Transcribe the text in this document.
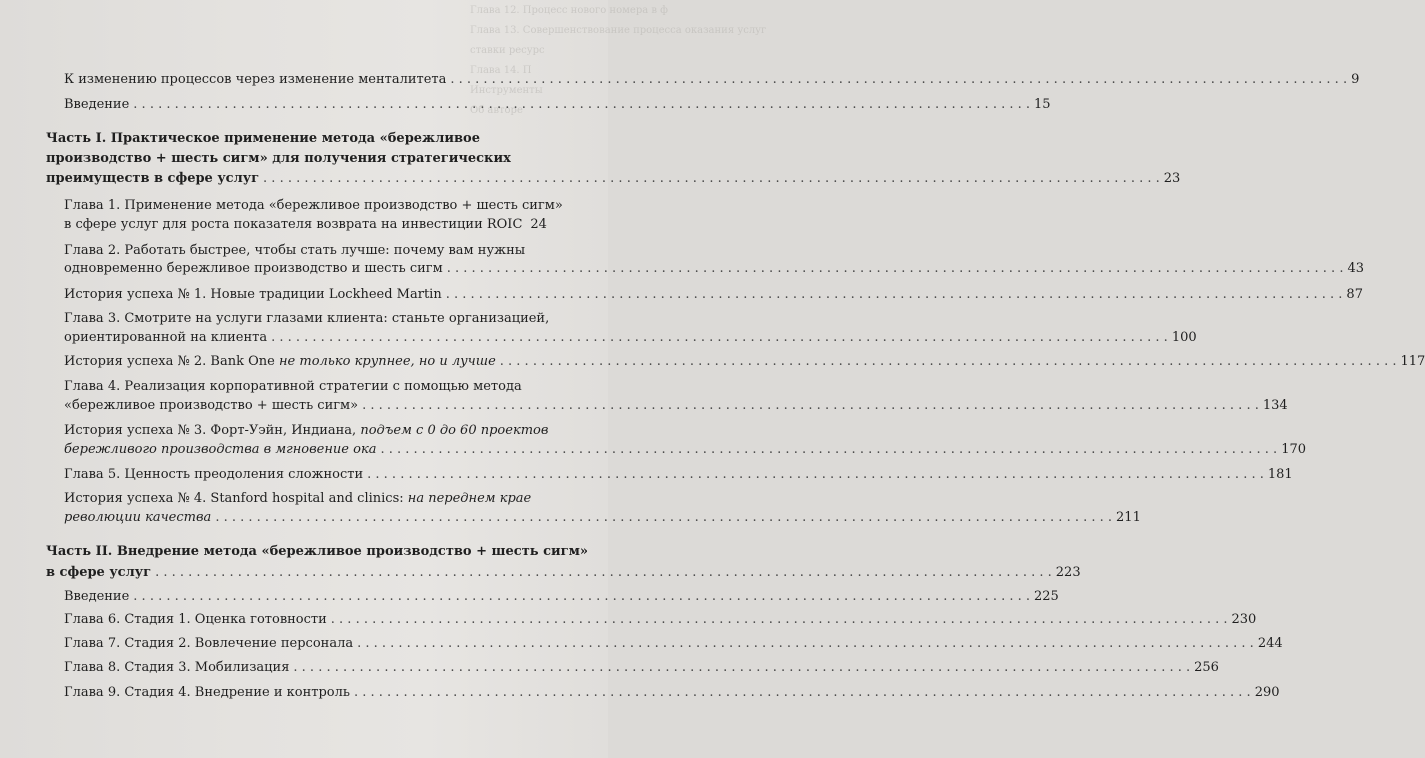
Глава 12. Процесс нового номера в ф
Глава 13. Совершенствование процесса оказания услуг
ставки ресурс
Глава 14. П
Инструменты
Об авторе
К изменению процессов через изменение менталитета . . .	9
Введение . . .	15
Часть I. Практическое применение метода «бережливое
производство + шесть сигм» для получения стратегических
преимуществ в сфере услуг . . .	23
Глава 1. Применение метода «бережливое производство + шесть сигм»
в сфере услуг для роста показателя возврата на инвестиции ROIC 24
Глава 2. Работать быстрее, чтобы стать лучше: почему вам нужны
одновременно бережливое производство и шесть сигм . . .	43
История успеха № 1. Новые традиции Lockheed Martin . . .	87
Глава 3. Смотрите на услуги глазами клиента: станьте организацией,
ориентированной на клиента . . .	100
История успеха № 2. Bank One не только крупнее, но и лучше . . .	117
Глава 4. Реализация корпоративной стратегии с помощью метода
«бережливое производство + шесть сигм» . . .	134
История успеха № 3. Форт-Уэйн, Индиана, подъем с 0 до 60 проектов
бережливого производства в мгновение ока . . .	170
Глава 5. Ценность преодоления сложности . . .	181
История успеха № 4. Stanford hospital and clinics: на переднем крае
революции качества . . .	211
Часть II. Внедрение метода «бережливое производство + шесть сигм»
в сфере услуг . . .	223
Введение . . .	225
Глава 6. Стадия 1. Оценка готовности . . .	230
Глава 7. Стадия 2. Вовлечение персонала . . .	244
Глава 8. Стадия 3. Мобилизация . . .	256
Глава 9. Стадия 4. Внедрение и контроль . . .	290
